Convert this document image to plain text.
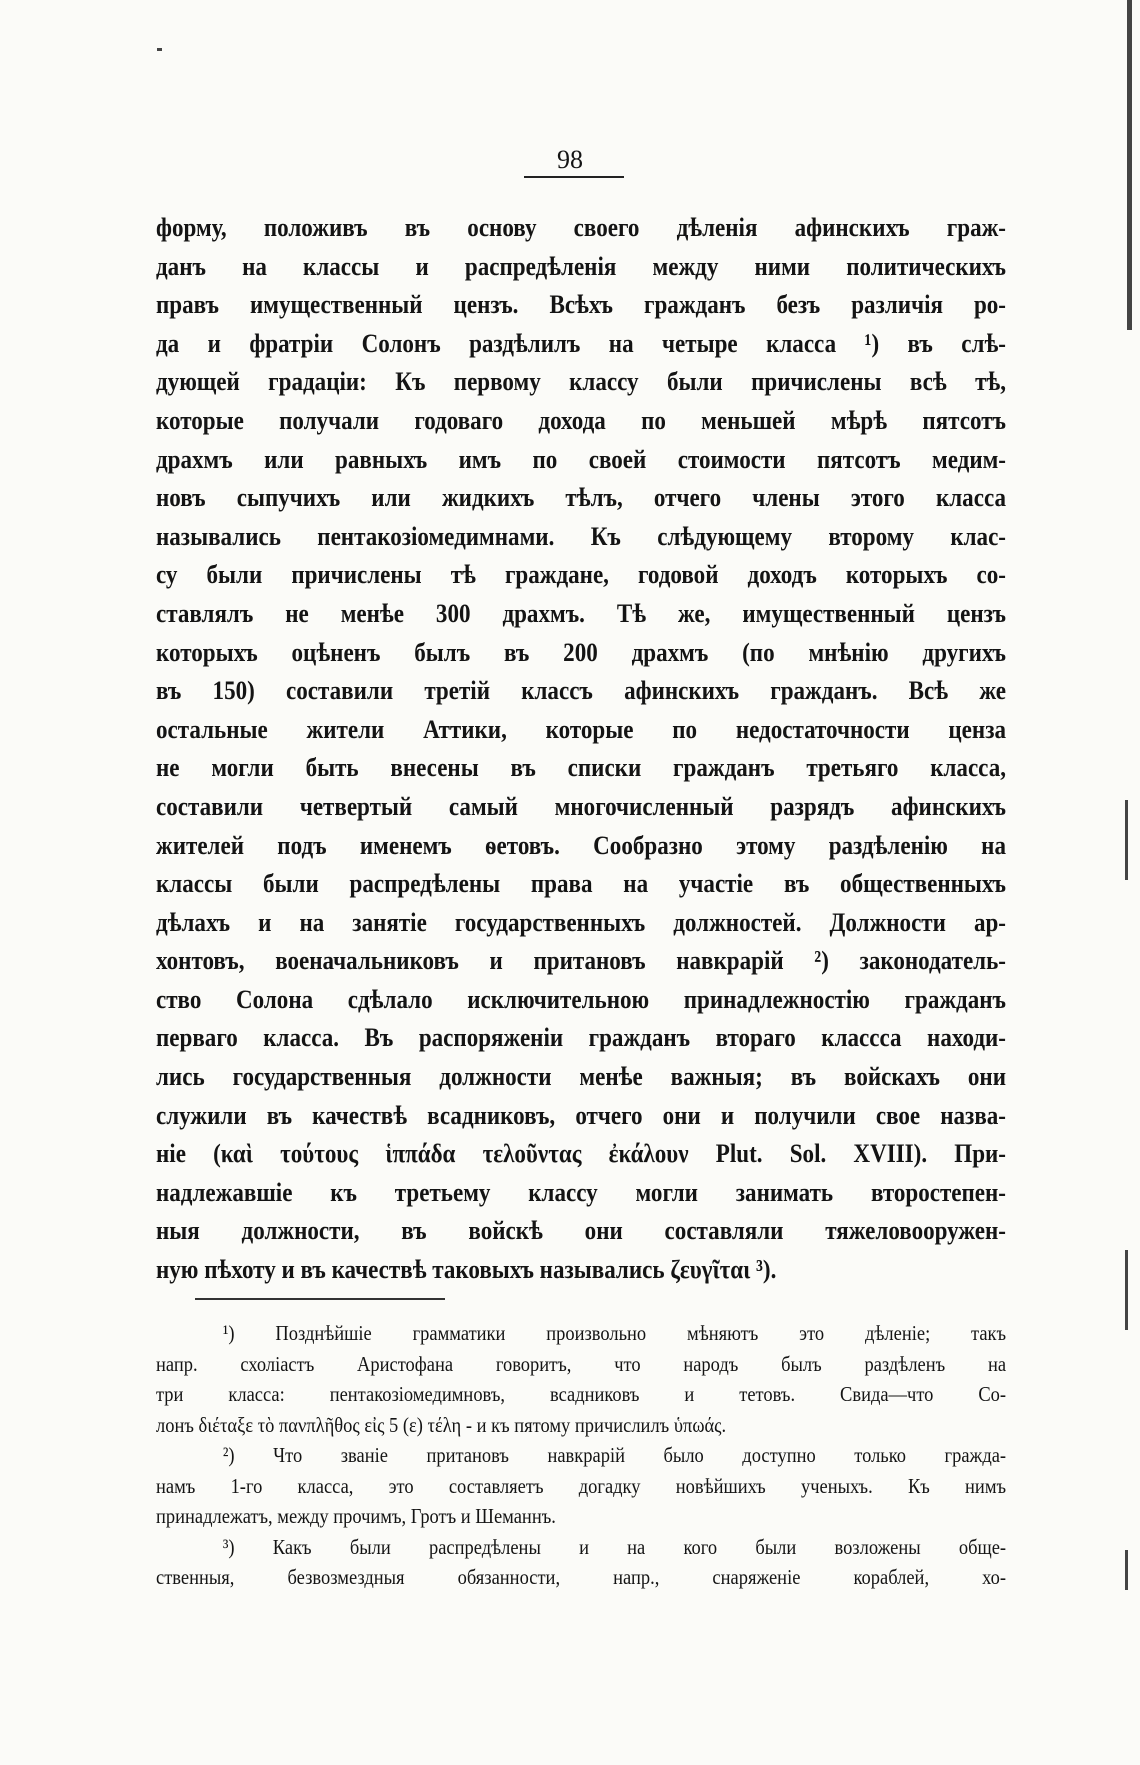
98
форму, положивъ въ основу своего дѣленія афинскихъ граж-
данъ на классы и распредѣленія между ними политическихъ
правъ имущественный цензъ. Всѣхъ гражданъ безъ различія ро-
да и фратріи Солонъ раздѣлилъ на четыре класса ¹) въ слѣ-
дующей градаціи: Къ первому классу были причислены всѣ тѣ,
которые получали годоваго дохода по меньшей мѣрѣ пятсотъ
драхмъ или равныхъ имъ по своей стоимости пятсотъ медим-
новъ сыпучихъ или жидкихъ тѣлъ, отчего члены этого класса
назывались пентакозіомедимнами. Къ слѣдующему второму клас-
су были причислены тѣ граждане, годовой доходъ которыхъ со-
ставлялъ не менѣе 300 драхмъ. Тѣ же, имущественный цензъ
которыхъ оцѣненъ былъ въ 200 драхмъ (по мнѣнію другихъ
въ 150) составили третій классъ афинскихъ гражданъ. Всѣ же
остальные жители Аттики, которые по недостаточности ценза
не могли быть внесены въ списки гражданъ третьяго класса,
составили четвертый самый многочисленный разрядъ афинскихъ
жителей подъ именемъ ѳетовъ. Сообразно этому раздѣленію на
классы были распредѣлены права на участіе въ общественныхъ
дѣлахъ и на занятіе государственныхъ должностей. Должности ар-
хонтовъ, военачальниковъ и притановъ навкрарій ²) законодатель-
ство Солона сдѣлало исключительною принадлежностію гражданъ
перваго класса. Въ распоряженіи гражданъ вторaго классса находи-
лись государственныя должности менѣе важныя; въ войскахъ они
служили въ качествѣ всадниковъ, отчего они и получили свое назва-
ніе (καὶ τούτους ἱππάδα τελοῦντας ἐκάλουν Plut. Sol. XVIII). При-
надлежавшіе къ третьему классу могли занимать второстепен-
ныя должности, въ войскѣ они составляли тяжеловооружен-
ную пѣхоту и въ качествѣ таковыхъ назывались ζευγῖται ³).
¹) Позднѣйшіе грамматики произвольно мѣняютъ это дѣленіе; такъ
напр. схоліастъ Аристофана говоритъ, что народъ былъ раздѣленъ на
три класса: пентакозіомедимновъ, всадниковъ и тетовъ. Свида—что Со-
лонъ διέταξε τὸ πανπλῆθος εἰς 5 (ε) τέλη - и къ пятому причислилъ ὑπωάς.
²) Что званіе притановъ навкрарій было доступно только гражда-
намъ 1-го класса, это составляетъ догадку новѣйшихъ ученыхъ. Къ нимъ
принадлежатъ, между прочимъ, Гротъ и Шеманнъ.
³) Какъ были распредѣлены и на кого были возложены обще-
ственныя, безвозмездныя обязанности, напр., снаряженіе кораблей, хо-
